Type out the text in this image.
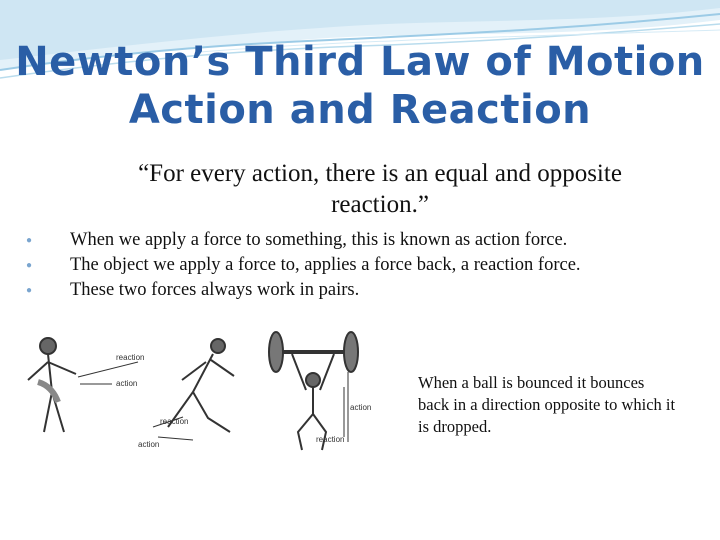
Newton’s Third Law of Motion
Action and Reaction
“For every action, there is an equal and opposite
reaction.”
● When we apply a force to something, this is known as action force.
● The object we apply a force to, applies a force back, a reaction force.
● These two forces always work in pairs.
reaction
action
reaction
action
action
reaction
When a ball is bounced it bounces back in a direction opposite to which it is dropped.
